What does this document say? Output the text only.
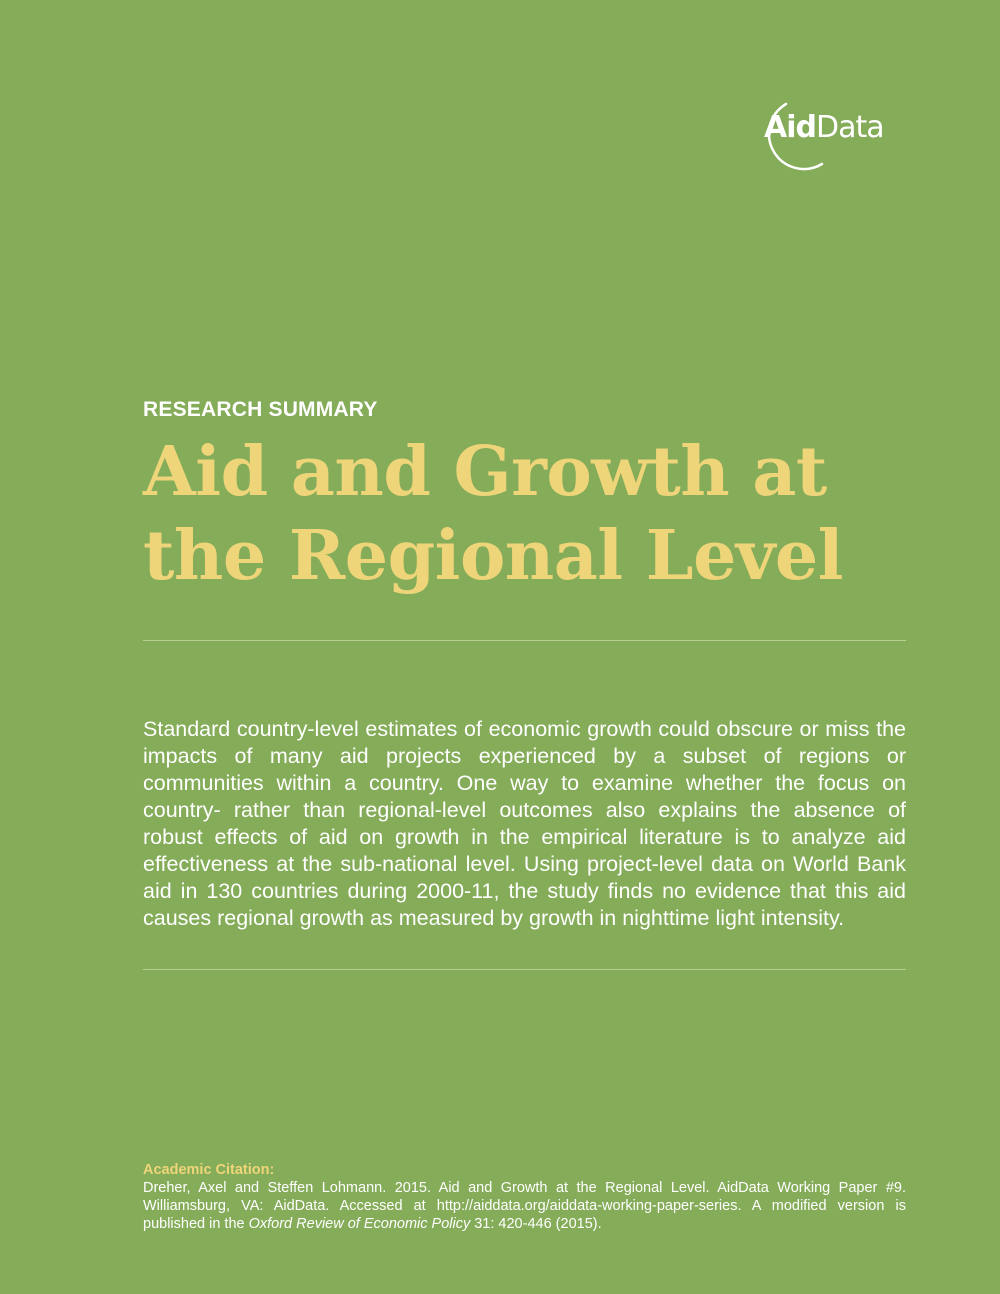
AidData
RESEARCH SUMMARY
Aid and Growth at the Regional Level

Standard country-level estimates of economic growth could obscure or miss the impacts of many aid projects experienced by a subset of regions or communities within a country. One way to examine whether the focus on country- rather than regional-level outcomes also explains the absence of robust effects of aid on growth in the empirical literature is to analyze aid effectiveness at the sub-national level. Using project-level data on World Bank aid in 130 countries during 2000-11, the study finds no evidence that this aid causes regional growth as measured by growth in nighttime light intensity.

Academic Citation:

Dreher, Axel and Steffen Lohmann. 2015. Aid and Growth at the Regional Level. AidData Working Paper #9. Williamsburg, VA: AidData. Accessed at http://aiddata.org/aiddata-working-paper-series. A modified version is published in the Oxford Review of Economic Policy 31: 420-446 (2015).
